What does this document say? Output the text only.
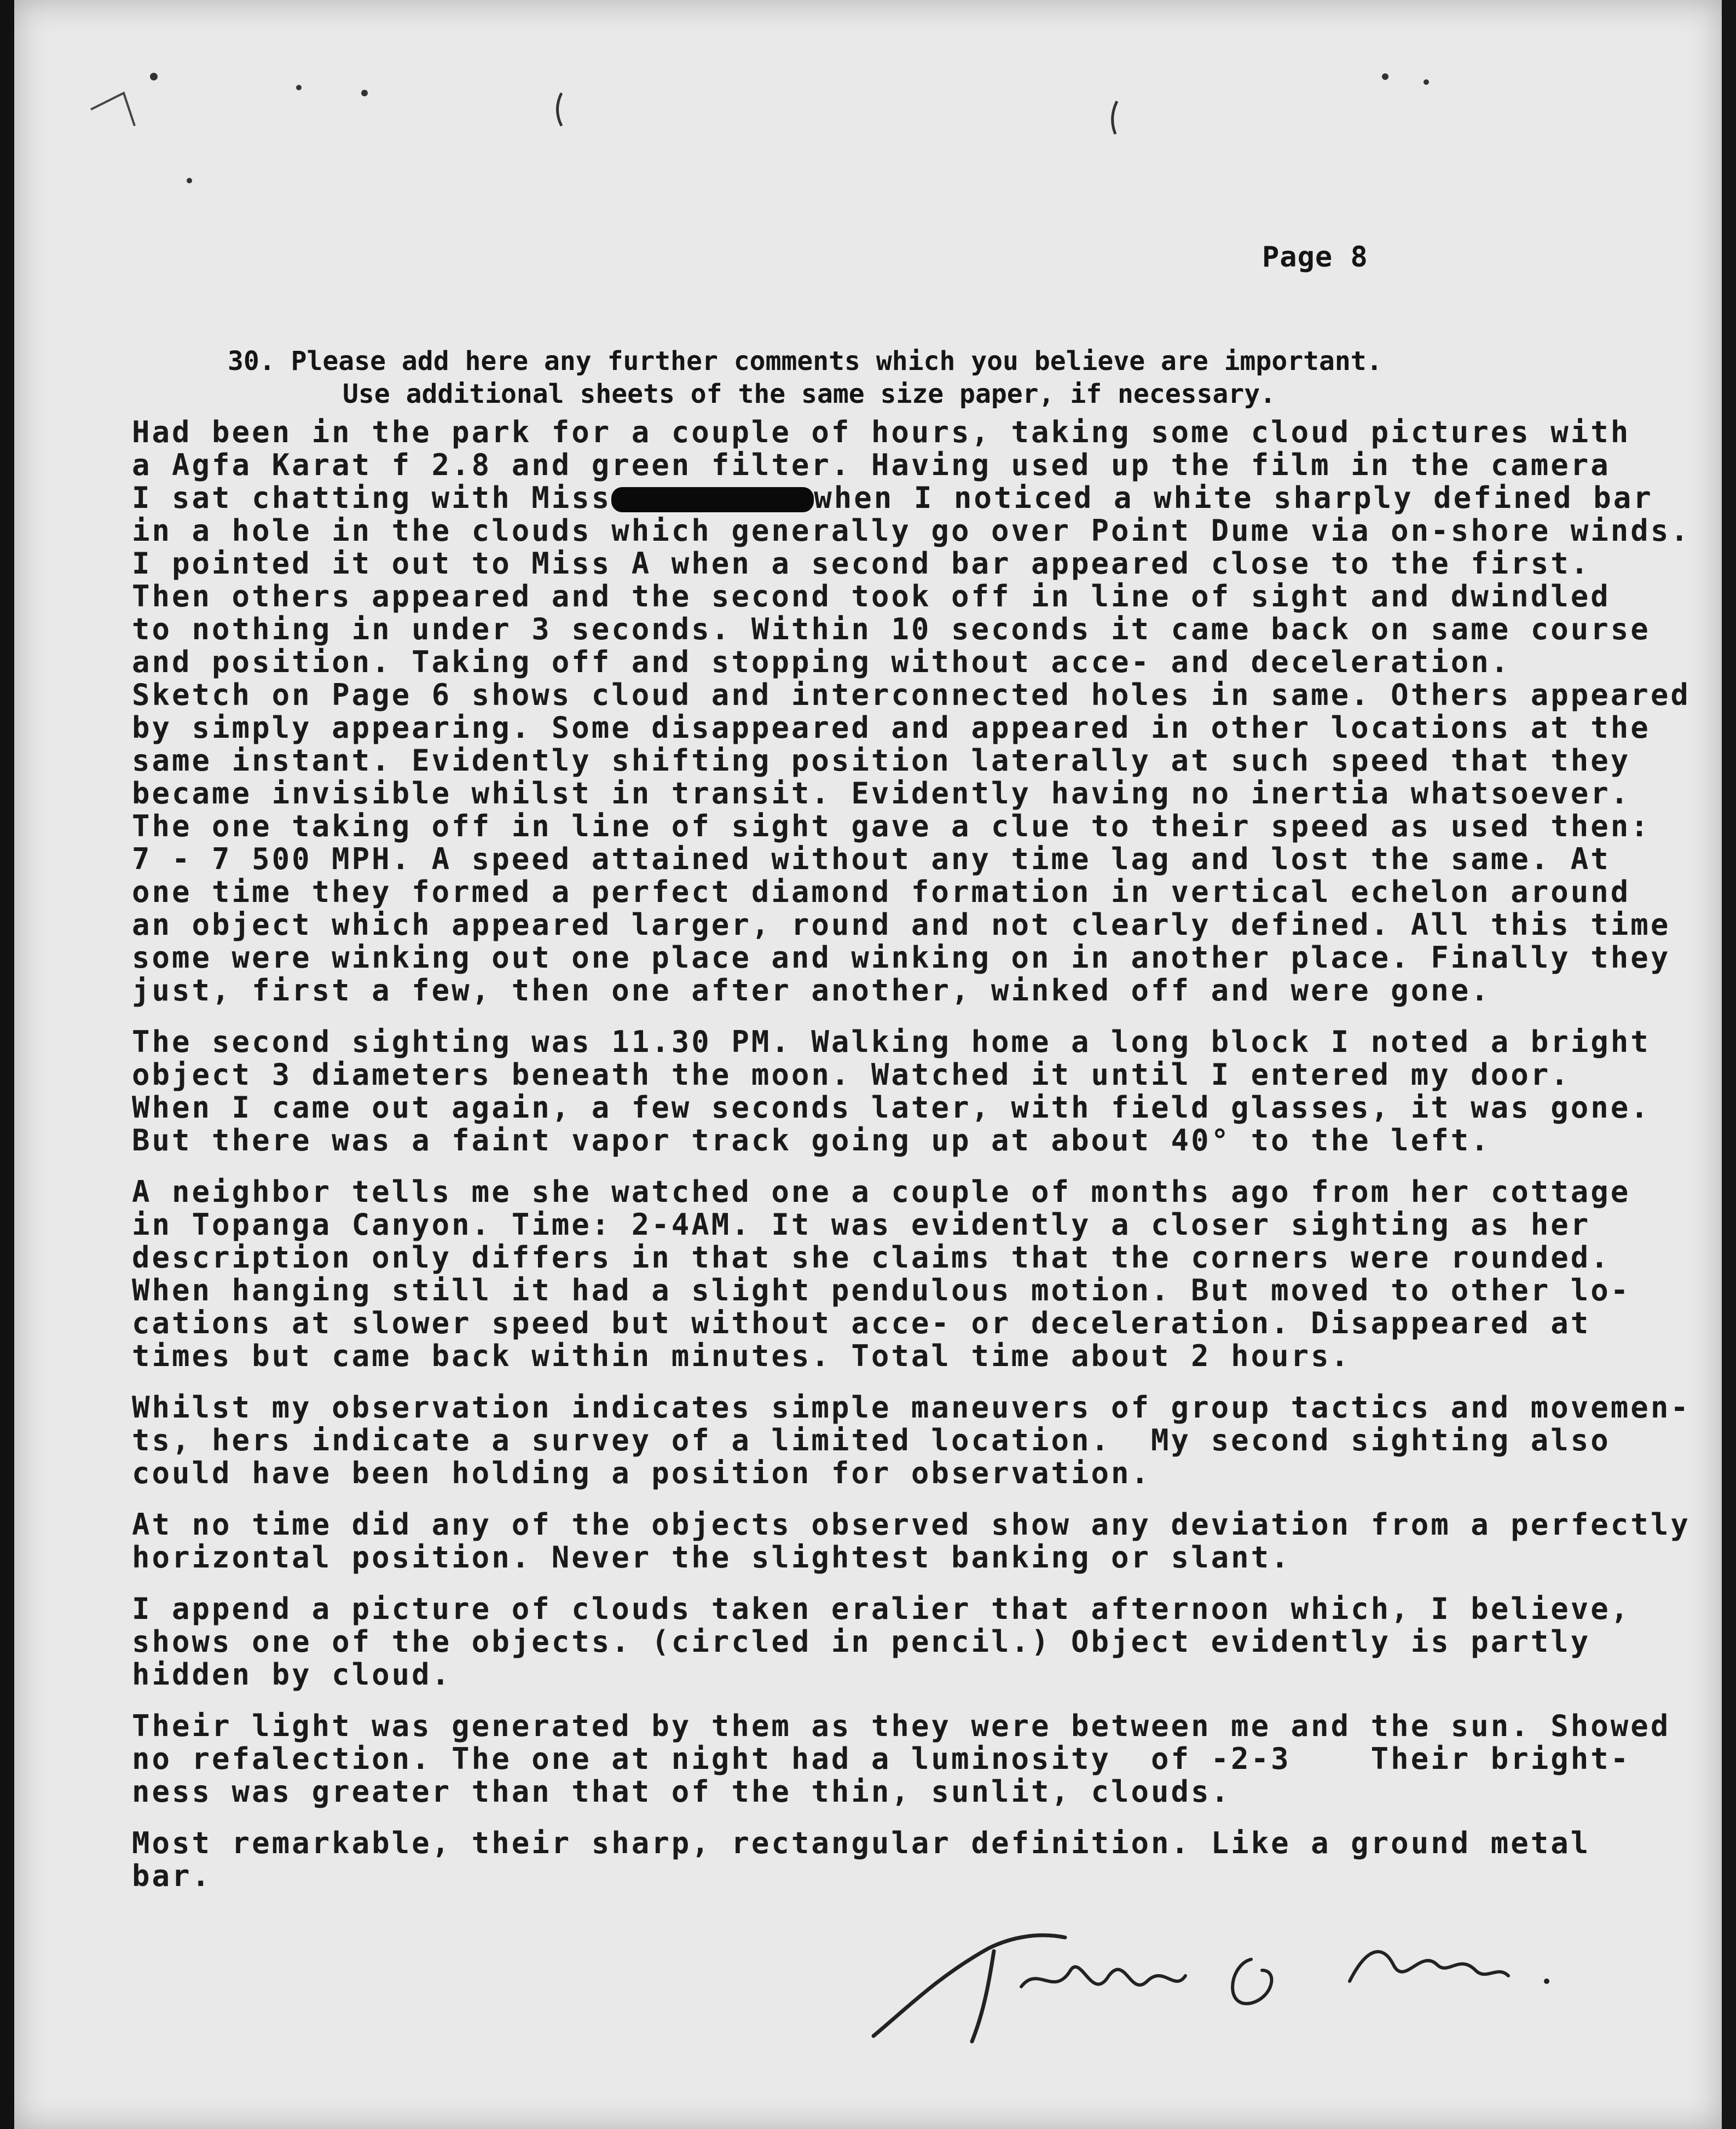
Page 8
30. Please add here any further comments which you believe are important.
Use additional sheets of the same size paper, if necessary.
Had been in the park for a couple of hours, taking some cloud pictures with
a Agfa Karat f 2.8 and green filter. Having used up the film in the camera
I sat chatting with Miss	when I noticed a white sharply defined bar
in a hole in the clouds which generally go over Point Dume via on-shore winds.
I pointed it out to Miss A when a second bar appeared close to the first.
Then others appeared and the second took off in line of sight and dwindled
to nothing in under 3 seconds. Within 10 seconds it came back on same course
and position. Taking off and stopping without acce- and deceleration.
Sketch on Page 6 shows cloud and interconnected holes in same. Others appeared
by simply appearing. Some disappeared and appeared in other locations at the
same instant. Evidently shifting position laterally at such speed that they
became invisible whilst in transit. Evidently having no inertia whatsoever.
The one taking off in line of sight gave a clue to their speed as used then:
7 - 7 500 MPH. A speed attained without any time lag and lost the same. At
one time they formed a perfect diamond formation in vertical echelon around
an object which appeared larger, round and not clearly defined. All this time
some were winking out one place and winking on in another place. Finally they
just, first a few, then one after another, winked off and were gone.
The second sighting was 11.30 PM. Walking home a long block I noted a bright
object 3 diameters beneath the moon. Watched it until I entered my door.
When I came out again, a few seconds later, with field glasses, it was gone.
But there was a faint vapor track going up at about 40° to the left.
A neighbor tells me she watched one a couple of months ago from her cottage
in Topanga Canyon. Time: 2-4AM. It was evidently a closer sighting as her
description only differs in that she claims that the corners were rounded.
When hanging still it had a slight pendulous motion. But moved to other lo-
cations at slower speed but without acce- or deceleration. Disappeared at
times but came back within minutes. Total time about 2 hours.
Whilst my observation indicates simple maneuvers of group tactics and movemen-
ts, hers indicate a survey of a limited location.  My second sighting also
could have been holding a position for observation.
At no time did any of the objects observed show any deviation from a perfectly
horizontal position. Never the slightest banking or slant.
I append a picture of clouds taken eralier that afternoon which, I believe,
shows one of the objects. (circled in pencil.) Object evidently is partly
hidden by cloud.
Their light was generated by them as they were between me and the sun. Showed
no refalection. The one at night had a luminosity  of -2-3    Their bright-
ness was greater than that of the thin, sunlit, clouds.
Most remarkable, their sharp, rectangular definition. Like a ground metal
bar.
